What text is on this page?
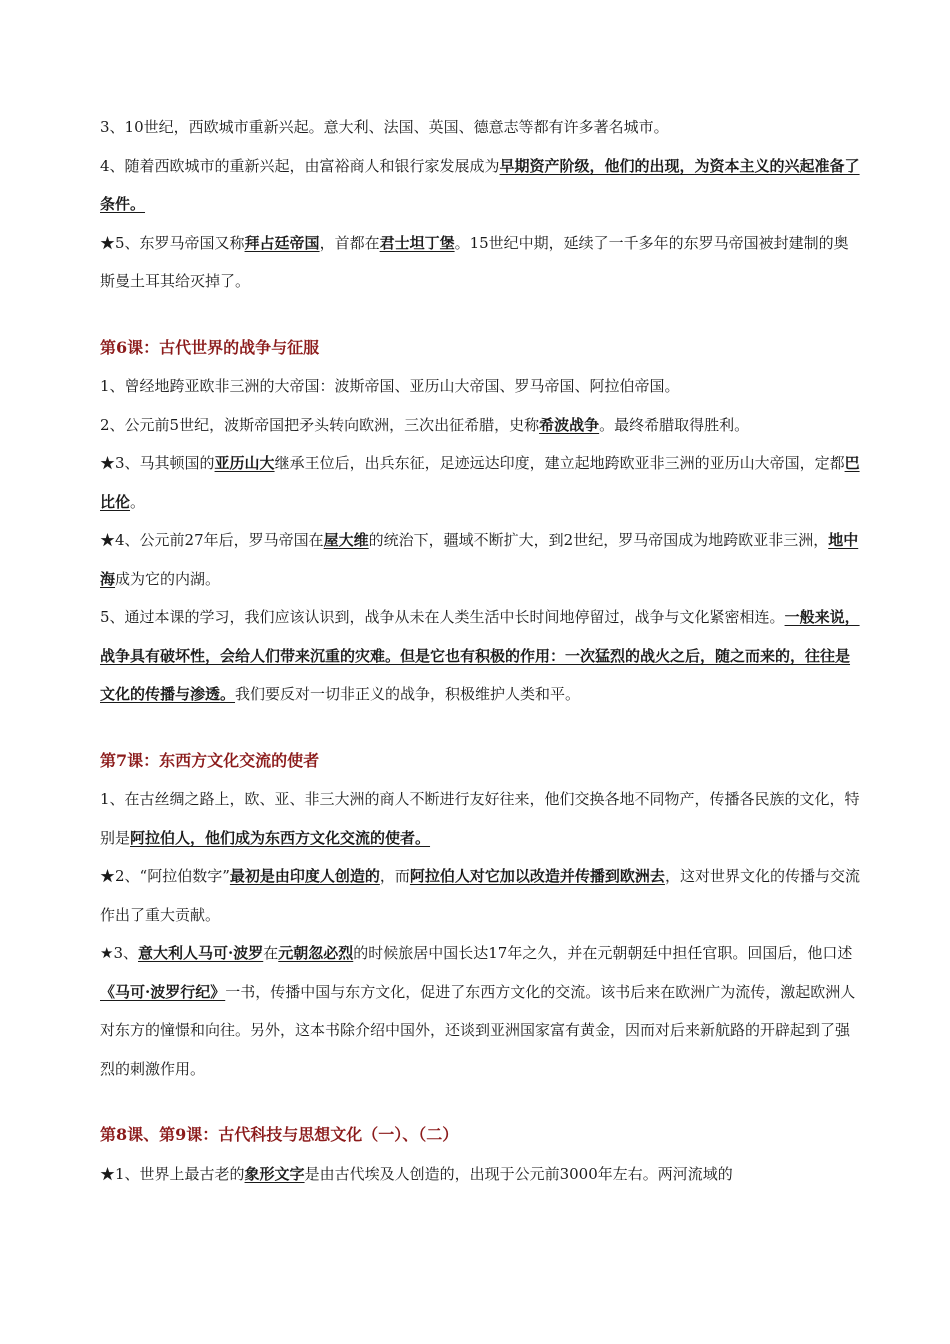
3、10世纪，西欧城市重新兴起。意大利、法国、英国、德意志等都有许多著名城市。

4、随着西欧城市的重新兴起，由富裕商人和银行家发展成为早期资产阶级，他们的出现，为资本主义的兴起准备了条件。

★5、东罗马帝国又称拜占廷帝国，首都在君士坦丁堡。15世纪中期，延续了一千多年的东罗马帝国被封建制的奥斯曼土耳其给灭掉了。

第6课：古代世界的战争与征服

1、曾经地跨亚欧非三洲的大帝国：波斯帝国、亚历山大帝国、罗马帝国、阿拉伯帝国。

2、公元前5世纪，波斯帝国把矛头转向欧洲，三次出征希腊，史称希波战争。最终希腊取得胜利。

★3、马其顿国的亚历山大继承王位后，出兵东征，足迹远达印度，建立起地跨欧亚非三洲的亚历山大帝国，定都巴比伦。

★4、公元前27年后，罗马帝国在屋大维的统治下，疆域不断扩大，到2世纪，罗马帝国成为地跨欧亚非三洲，地中海成为它的内湖。

5、通过本课的学习，我们应该认识到，战争从未在人类生活中长时间地停留过，战争与文化紧密相连。一般来说，战争具有破坏性，会给人们带来沉重的灾难。但是它也有积极的作用：一次猛烈的战火之后，随之而来的，往往是文化的传播与渗透。我们要反对一切非正义的战争，积极维护人类和平。

第7课：东西方文化交流的使者

1、在古丝绸之路上，欧、亚、非三大洲的商人不断进行友好往来，他们交换各地不同物产，传播各民族的文化，特别是阿拉伯人，他们成为东西方文化交流的使者。

★2、“阿拉伯数字”最初是由印度人创造的，而阿拉伯人对它加以改造并传播到欧洲去，这对世界文化的传播与交流作出了重大贡献。

★3、意大利人马可·波罗在元朝忽必烈的时候旅居中国长达17年之久，并在元朝朝廷中担任官职。回国后，他口述《马可·波罗行纪》一书，传播中国与东方文化，促进了东西方文化的交流。该书后来在欧洲广为流传，激起欧洲人对东方的憧憬和向往。另外，这本书除介绍中国外，还谈到亚洲国家富有黄金，因而对后来新航路的开辟起到了强烈的刺激作用。

第8课、第9课：古代科技与思想文化（一）、（二）

★1、世界上最古老的象形文字是由古代埃及人创造的，出现于公元前3000年左右。两河流域的
